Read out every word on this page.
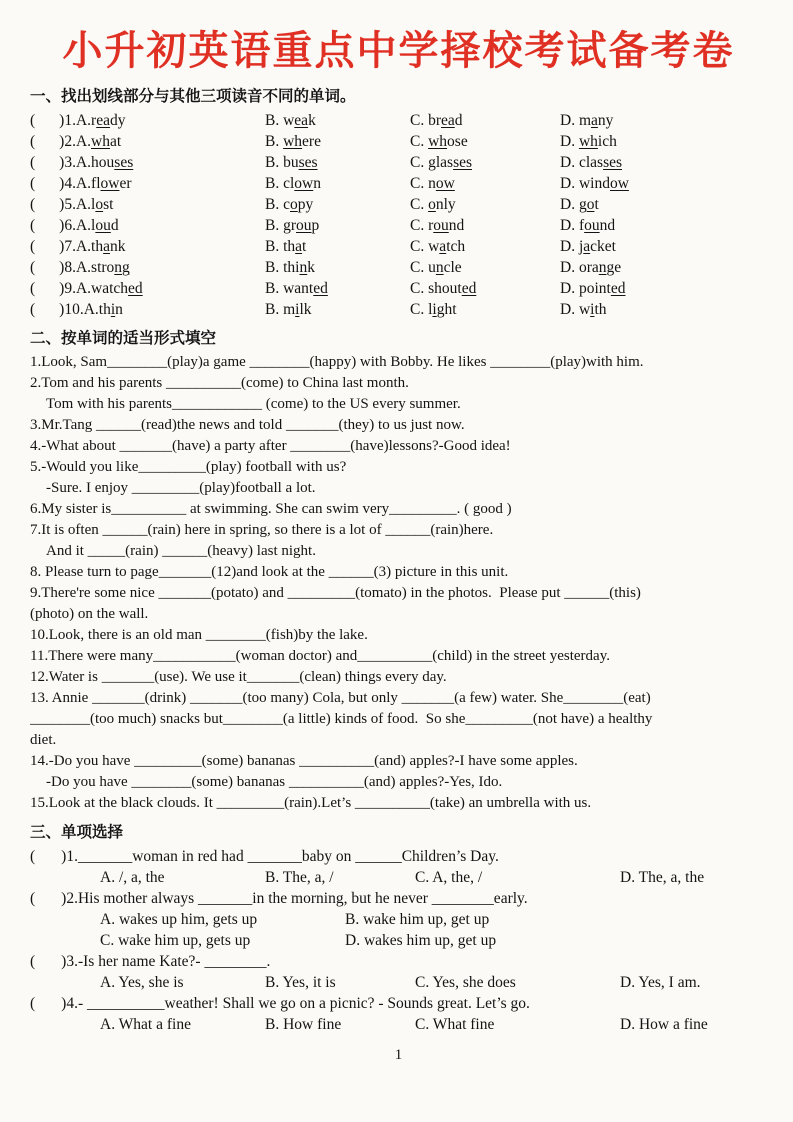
小升初英语重点中学择校考试备考卷
一、找出划线部分与其他三项读音不同的单词。
( )1.A.ready	B. weak	C. bread	D. many
( )2.A.what	B. where	C. whose	D. which
( )3.A.houses	B. buses	C. glasses	D. classes
( )4.A.flower	B. clown	C. now	D. window
( )5.A.lost	B. copy	C. only	D. got
( )6.A.loud	B. group	C. round	D. found
( )7.A.thank	B. that	C. watch	D. jacket
( )8.A.strong	B. think	C. uncle	D. orange
( )9.A.watched	B. wanted	C. shouted	D. pointed
( )10.A.thin	B. milk	C. light	D. with
二、按单词的适当形式填空
1.Look, Sam________(play)a game ________(happy) with Bobby. He likes ________(play)with him.
2.Tom and his parents __________(come) to China last month.
Tom with his parents____________ (come) to the US every summer.
3.Mr.Tang ______(read)the news and told _______(they) to us just now.
4.-What about _______(have) a party after ________(have)lessons?-Good idea!
5.-Would you like_________(play) football with us?
-Sure. I enjoy _________(play)football a lot.
6.My sister is__________ at swimming. She can swim very_________. ( good )
7.It is often ______(rain) here in spring, so there is a lot of ______(rain)here.
And it _____(rain) ______(heavy) last night.
8. Please turn to page_______(12)and look at the ______(3) picture in this unit.
9.There're some nice _______(potato) and _________(tomato) in the photos.  Please put ______(this)
(photo) on the wall.
10.Look, there is an old man ________(fish)by the lake.
11.There were many___________(woman doctor) and__________(child) in the street yesterday.
12.Water is _______(use). We use it_______(clean) things every day.
13. Annie _______(drink) _______(too many) Cola, but only _______(a few) water. She________(eat)
________(too much) snacks but________(a little) kinds of food.  So she_________(not have) a healthy
diet.
14.-Do you have _________(some) bananas __________(and) apples?-I have some apples.
-Do you have ________(some) bananas __________(and) apples?-Yes, Ido.
15.Look at the black clouds. It _________(rain).Let’s __________(take) an umbrella with us.
三、单项选择
( )1._______woman in red had _______baby on ______Children’s Day.
A. /, a, the	B. The, a, /	C. A, the, /	D. The, a, the
( )2.His mother always _______in the morning, but he never ________early.
A. wakes up him, gets up	B. wake him up, get up
C. wake him up, gets up	D. wakes him up, get up
( )3.-Is her name Kate?- ________.
A. Yes, she is	B. Yes, it is	C. Yes, she does	D. Yes, I am.
( )4.- __________weather! Shall we go on a picnic? - Sounds great. Let’s go.
A. What a fine	B. How fine	C. What fine	D. How a fine
1
